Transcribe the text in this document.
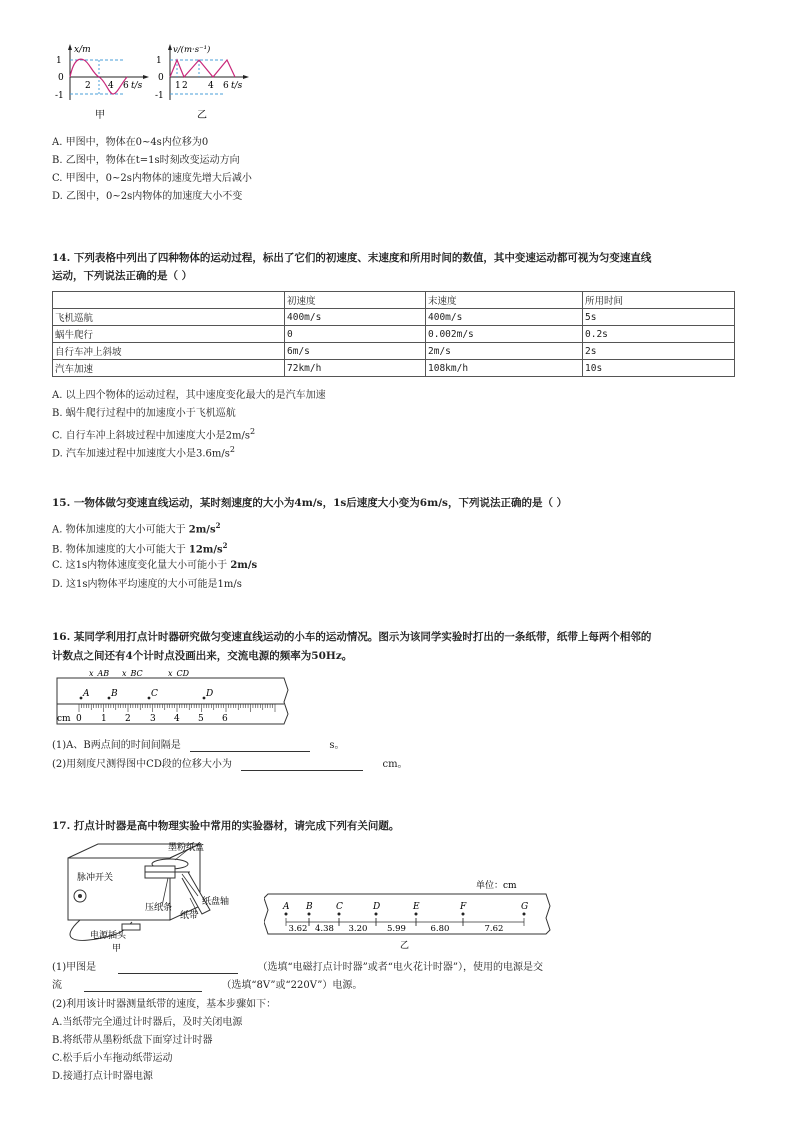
1
0
-1
2 4 6
x/m
t/s
甲
1
0
-1
1 2 4 6
v/(m·s⁻¹)
t/s
乙
A. 甲图中，物体在0~4s内位移为0
B. 乙图中，物体在t=1s时刻改变运动方向
C. 甲图中，0~2s内物体的速度先增大后减小
D. 乙图中，0~2s内物体的加速度大小不变
14. 下列表格中列出了四种物体的运动过程，标出了它们的初速度、末速度和所用时间的数值，其中变速运动都可视为匀变速直线
运动，下列说法正确的是（ ）
	初速度	末速度	所用时间
飞机巡航	400m/s	400m/s	5s
蜗牛爬行	0	0.002m/s	0.2s
自行车冲上斜坡	6m/s	2m/s	2s
汽车加速	72km/h	108km/h	10s
A. 以上四个物体的运动过程，其中速度变化最大的是汽车加速
B. 蜗牛爬行过程中的加速度小于飞机巡航
C. 自行车冲上斜坡过程中加速度大小是$2m/s^2$
D. 汽车加速过程中加速度大小是$3.6m/s^2$
15. 一物体做匀变速直线运动，某时刻速度的大小为4m/s，1s后速度大小变为6m/s，下列说法正确的是（ ）
A. 物体加速度的大小可能大于 $2m/s^2$
B. 物体加速度的大小可能大于 $12m/s^2$
C. 这1s内物体速度变化量大小可能小于 2m/s
D. 这1s内物体平均速度的大小可能是1m/s
16. 某同学利用打点计时器研究做匀变速直线运动的小车的运动情况。图示为该同学实验时打出的一条纸带，纸带上每两个相邻的
计数点之间还有4个计时点没画出来，交流电源的频率为50Hz。
x_AB x_BC	x_CD
A B	C	D
cm 0 1 2 3 4 5 6
(1)A、B两点间的时间间隔是	s。
(2)用刻度尺测得图中CD段的位移大小为	cm。
17. 打点计时器是高中物理实验中常用的实验器材，请完成下列有关问题。
墨粉纸盒
脉冲开关
纸盘轴
压纸条
纸带
电源插头
甲
单位：cm
A B	C	D	E	F	G
3.62 4.38 3.20 5.99	6.80	7.62
乙
(1)甲图是	（选填“电磁打点计时器”或者“电火花计时器”），使用的电源是交
流	（选填“8V”或“220V”）电源。
(2)利用该计时器测量纸带的速度，基本步骤如下：
A.当纸带完全通过计时器后，及时关闭电源
B.将纸带从墨粉纸盘下面穿过计时器
C.松手后小车拖动纸带运动
D.接通打点计时器电源
